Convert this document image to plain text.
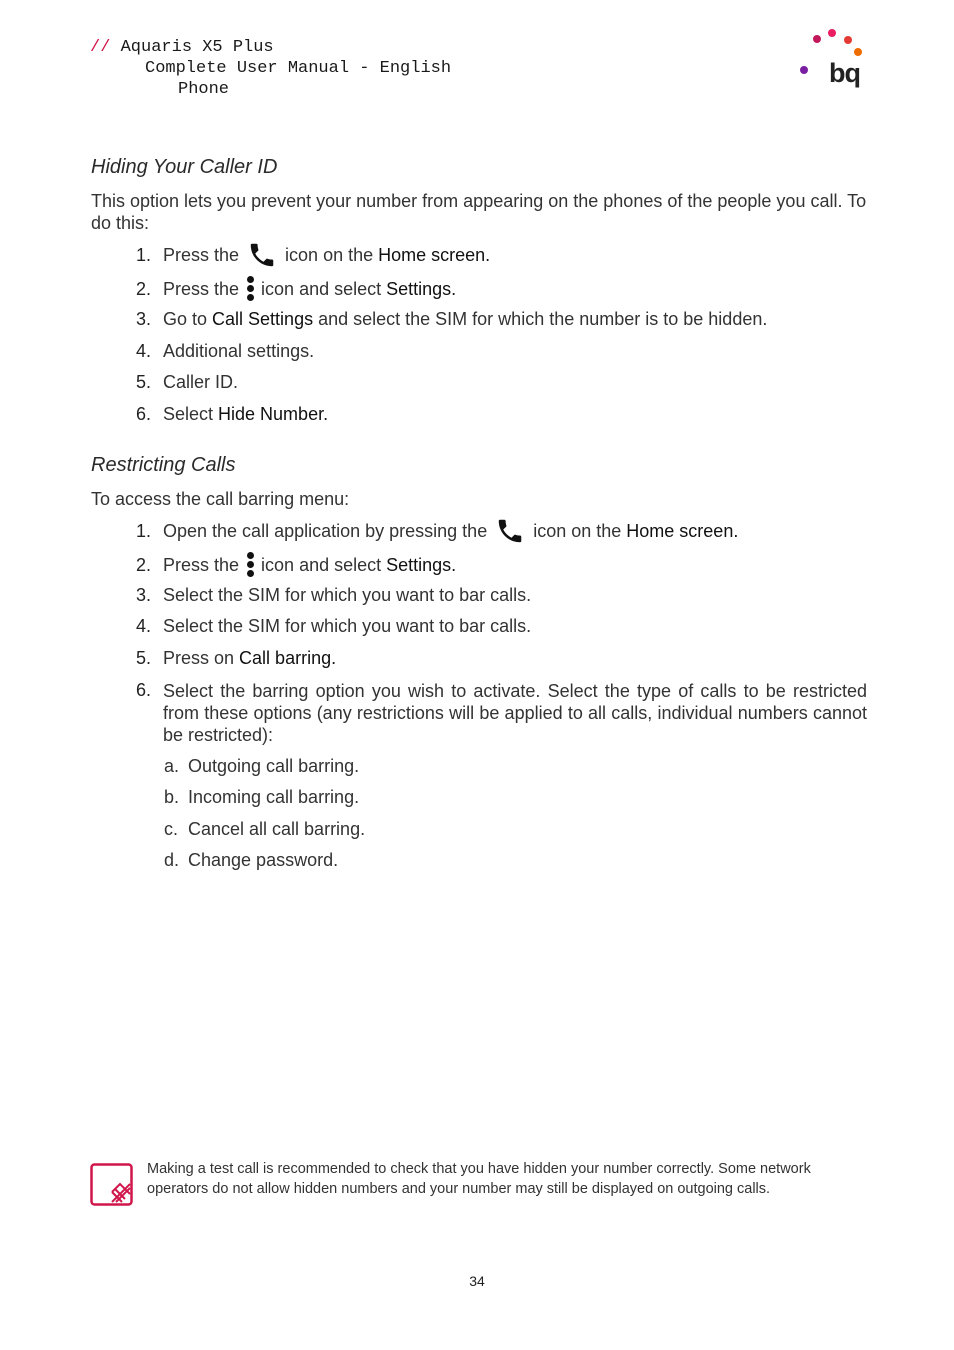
// Aquaris X5 Plus
Complete User Manual - English
Phone
bq
Hiding Your Caller ID
This option lets you prevent your number from appearing on the phones of the people you call. To do this:
1. Press the	icon on the Home screen.
2. Press the icon and select Settings.
3. Go to Call Settings and select the SIM for which the number is to be hidden.
4. Additional settings.
5. Caller ID.
6. Select Hide Number.
Restricting Calls
To access the call barring menu:
1. Open the call application by pressing the	icon on the Home screen.
2. Press the icon and select Settings.
3. Select the SIM for which you want to bar calls.
4. Select the SIM for which you want to bar calls.
5. Press on Call barring.
6. Select the barring option you wish to activate. Select the type of calls to be restricted from these options (any restrictions will be applied to all calls, individual numbers cannot be restricted):
a. Outgoing call barring.
b. Incoming call barring.
c. Cancel all call barring.
d. Change password.
Making a test call is recommended to check that you have hidden your number correctly. Some network operators do not allow hidden numbers and your number may still be displayed on outgoing calls.
34
